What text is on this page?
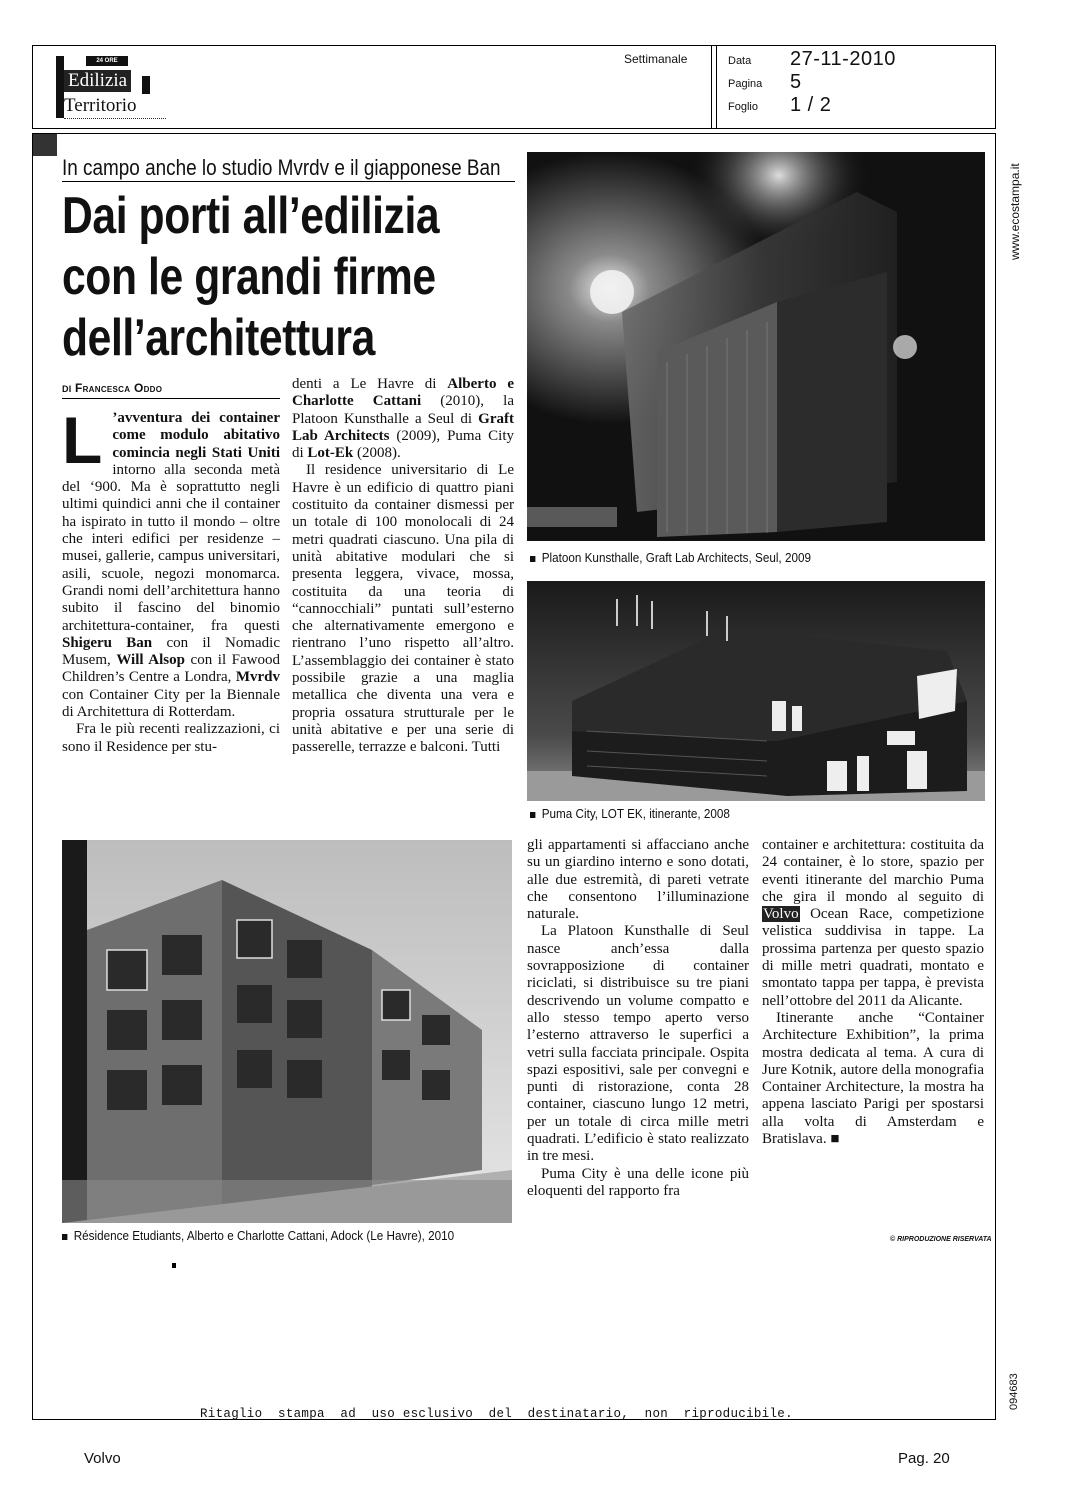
24 ORE
Edilizia
Territorio
Settimanale	Data 27-11-2010
Pagina 5
Foglio 1 / 2
www.ecostampa.it
094683
In campo anche lo studio Mvrdv e il giapponese Ban
Dai porti all’edilizia
con le grandi firme
dell’architettura
DI Francesca Oddo

L ’avventura dei container come modulo abitativo comincia negli Stati Uniti intorno alla seconda metà del ‘900. Ma è soprattutto negli ultimi quindici anni che il container ha ispirato in tutto il mondo – oltre che interi edifici per residenze – musei, gallerie, campus universitari, asili, scuole, negozi monomarca. Grandi nomi dell’architettura hanno subito il fascino del binomio architettura-container, fra questi Shigeru Ban con il Nomadic Musem, Will Alsop con il Fawood Children’s Centre a Londra, Mvrdv con Container City per la Biennale di Architettura di Rotterdam.

Fra le più recenti realizzazioni, ci sono il Residence per stu-

denti a Le Havre di Alberto e Charlotte Cattani (2010), la Platoon Kunsthalle a Seul di Graft Lab Architects (2009), Puma City di Lot-Ek (2008).

Il residence universitario di Le Havre è un edificio di quattro piani costituito da container dismessi per un totale di 100 monolocali di 24 metri quadrati ciascuno. Una pila di unità abitative modulari che si presenta leggera, vivace, mossa, costituita da una teoria di “cannocchiali” puntati sull’esterno che alternativamente emergono e rientrano l’uno rispetto all’altro. L’assemblaggio dei container è stato possibile grazie a una maglia metallica che diventa una vera e propria ossatura strutturale per le unità abitative e per una serie di passerelle, terrazze e balconi. Tutti

Platoon Kunsthalle, Graft Lab Architects, Seul, 2009
Puma City, LOT EK, itinerante, 2008
Résidence Etudiants, Alberto e Charlotte Cattani, Adock (Le Havre), 2010

gli appartamenti si affacciano anche su un giardino interno e sono dotati, alle due estremità, di pareti vetrate che consentono l’illuminazione naturale.

La Platoon Kunsthalle di Seul nasce anch’essa dalla sovrapposizione di container riciclati, si distribuisce su tre piani descrivendo un volume compatto e allo stesso tempo aperto verso l’esterno attraverso le superfici a vetri sulla facciata principale. Ospita spazi espositivi, sale per convegni e punti di ristorazione, conta 28 container, ciascuno lungo 12 metri, per un totale di circa mille metri quadrati. L’edificio è stato realizzato in tre mesi.

Puma City è una delle icone più eloquenti del rapporto fra

container e architettura: costituita da 24 container, è lo store, spazio per eventi itinerante del marchio Puma che gira il mondo al seguito di Volvo Ocean Race, competizione velistica suddivisa in tappe. La prossima partenza per questo spazio di mille metri quadrati, montato e smontato tappa per tappa, è prevista nell’ottobre del 2011 da Alicante.

Itinerante anche “Container Architecture Exhibition”, la prima mostra dedicata al tema. A cura di Jure Kotnik, autore della monografia Container Architecture, la mostra ha appena lasciato Parigi per spostarsi alla volta di Amsterdam e Bratislava. ■

© RIPRODUZIONE RISERVATA
Ritaglio  stampa  ad  uso esclusivo  del  destinatario,  non  riproducibile.
Volvo	Pag. 20
